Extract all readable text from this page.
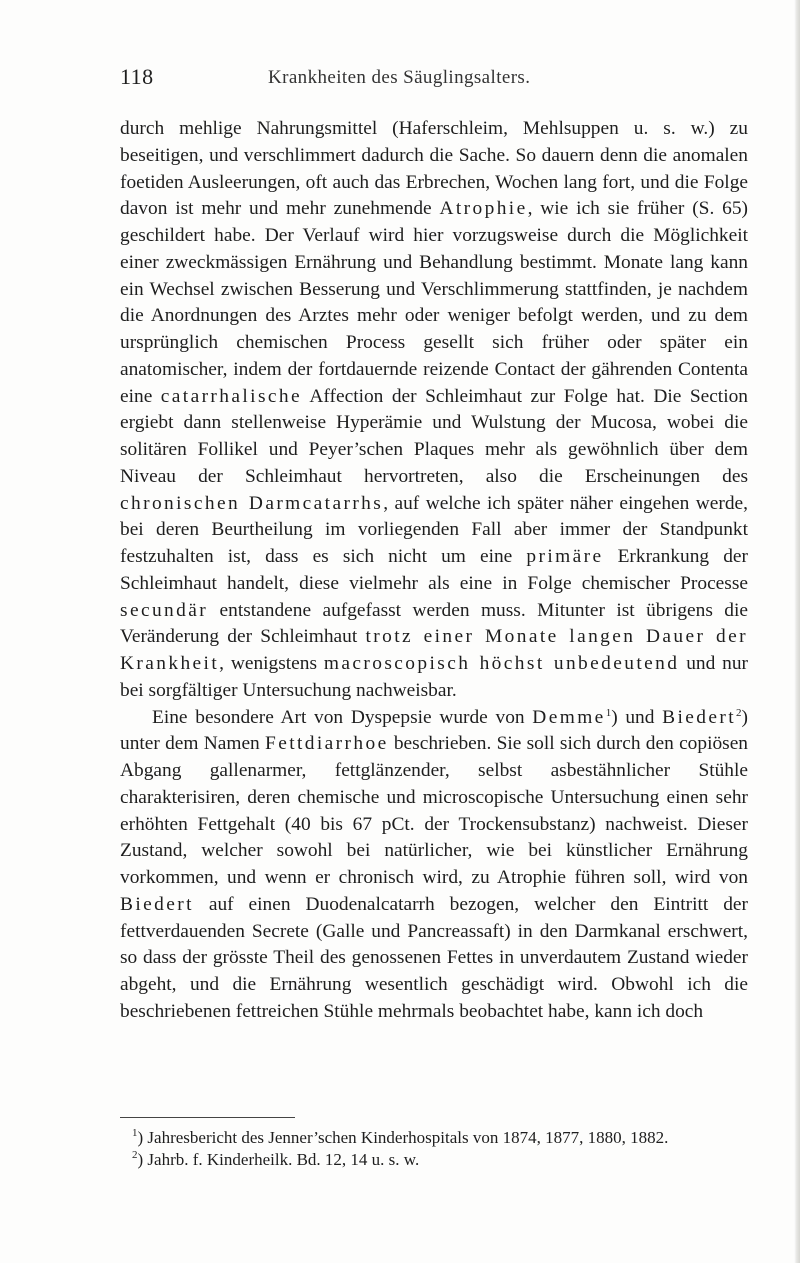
118	Krankheiten des Säuglingsalters.

durch mehlige Nahrungsmittel (Haferschleim, Mehlsuppen u. s. w.) zu beseitigen, und verschlimmert dadurch die Sache. So dauern denn die anomalen foetiden Ausleerungen, oft auch das Erbrechen, Wochen lang fort, und die Folge davon ist mehr und mehr zunehmende Atrophie, wie ich sie früher (S. 65) geschildert habe. Der Verlauf wird hier vorzugsweise durch die Möglichkeit einer zweckmässigen Ernährung und Behandlung bestimmt. Monate lang kann ein Wechsel zwischen Besserung und Verschlimmerung stattfinden, je nachdem die Anordnungen des Arztes mehr oder weniger befolgt werden, und zu dem ursprünglich chemischen Process gesellt sich früher oder später ein anatomischer, indem der fortdauernde reizende Contact der gährenden Contenta eine catarrhalische Affection der Schleimhaut zur Folge hat. Die Section ergiebt dann stellenweise Hyperämie und Wulstung der Mucosa, wobei die solitären Follikel und Peyer’schen Plaques mehr als gewöhnlich über dem Niveau der Schleimhaut hervortreten, also die Erscheinungen des chronischen Darmcatarrhs, auf welche ich später näher eingehen werde, bei deren Beurtheilung im vorliegenden Fall aber immer der Standpunkt festzuhalten ist, dass es sich nicht um eine primäre Erkrankung der Schleimhaut handelt, diese vielmehr als eine in Folge chemischer Processe secundär entstandene aufgefasst werden muss. Mitunter ist übrigens die Veränderung der Schleimhaut trotz einer Monate langen Dauer der Krankheit, wenigstens macroscopisch höchst unbedeutend und nur bei sorgfältiger Untersuchung nachweisbar.

Eine besondere Art von Dyspepsie wurde von Demme$^1$) und Biedert$^2$) unter dem Namen Fettdiarrhoe beschrieben. Sie soll sich durch den copiösen Abgang gallenarmer, fettglänzender, selbst asbestähnlicher Stühle charakterisiren, deren chemische und microscopische Untersuchung einen sehr erhöhten Fettgehalt (40 bis 67 pCt. der Trockensubstanz) nachweist. Dieser Zustand, welcher sowohl bei natürlicher, wie bei künstlicher Ernährung vorkommen, und wenn er chronisch wird, zu Atrophie führen soll, wird von Biedert auf einen Duodenalcatarrh bezogen, welcher den Eintritt der fettverdauenden Secrete (Galle und Pancreassaft) in den Darmkanal erschwert, so dass der grösste Theil des genossenen Fettes in unverdautem Zustand wieder abgeht, und die Ernährung wesentlich geschädigt wird. Obwohl ich die beschriebenen fettreichen Stühle mehrmals beobachtet habe, kann ich doch

$^1$) Jahresbericht des Jenner’schen Kinderhospitals von 1874, 1877, 1880, 1882.

$^2$) Jahrb. f. Kinderheilk. Bd. 12, 14 u. s. w.
